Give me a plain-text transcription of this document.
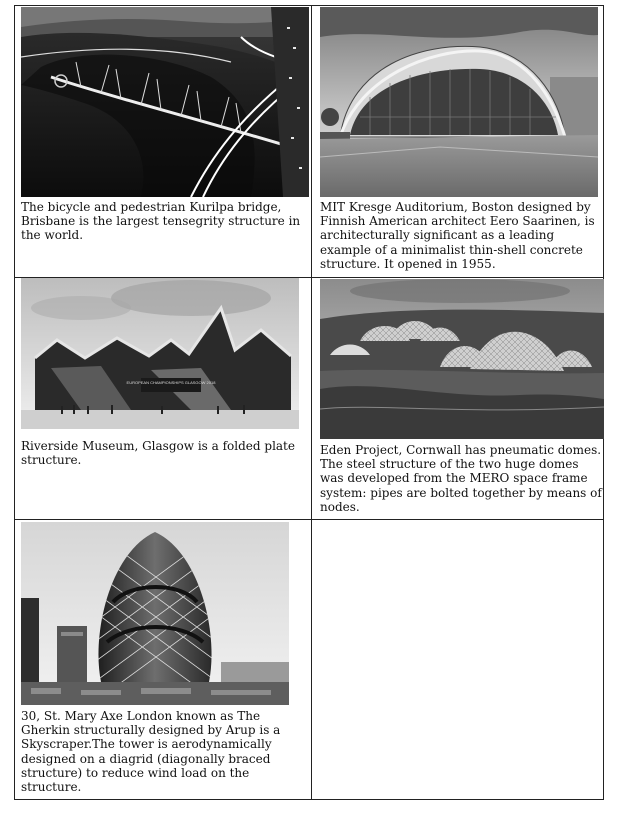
The bicycle and pedestrian Kurilpa bridge, Brisbane is the largest tensegrity structure in the world.
MIT Kresge Auditorium, Boston designed by Finnish American architect Eero Saarinen, is architecturally significant as a leading example of a minimalist thin-shell concrete structure. It opened in 1955.
EUROPEAN CHAMPIONSHIPS GLASGOW 2018
Riverside Museum, Glasgow is a folded plate structure.
Eden Project, Cornwall has pneumatic domes. The steel structure of the two huge domes was developed from the MERO space frame system: pipes are bolted together by means of nodes.
30, St. Mary Axe London known as The Gherkin structurally designed by Arup is a Skyscraper.The tower is aerodynamically designed on a diagrid (diagonally braced structure) to reduce wind load on the structure.
